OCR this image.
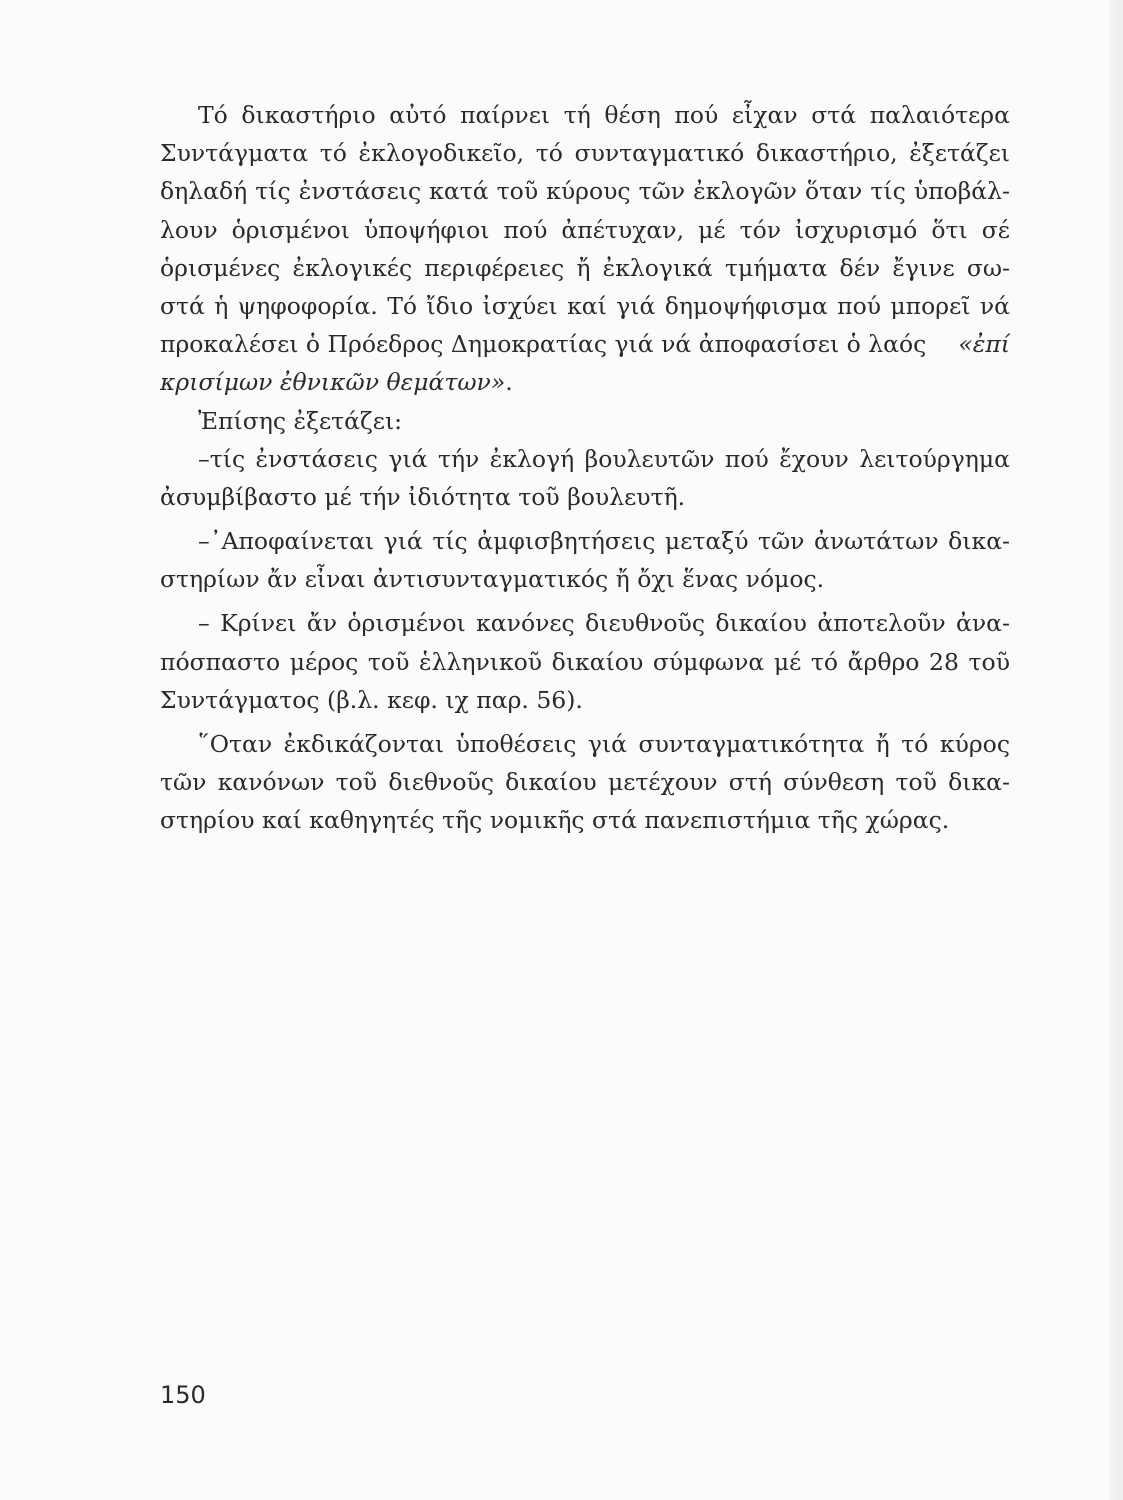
Τό δικαστήριο αὐτό παίρνει τή θέση πού εἶχαν στά παλαιότερα
Συντάγματα τό ἐκλογοδικεῖο, τό συνταγματικό δικαστήριο, ἐξετάζει
δηλαδή τίς ἐνστάσεις κατά τοῦ κύρους τῶν ἐκλογῶν ὅταν τίς ὑποβάλ-
λουν ὁρισμένοι ὑποψήφιοι πού ἀπέτυχαν, μέ τόν ἰσχυρισμό ὅτι σέ
ὁρισμένες ἐκλογικές περιφέρειες ἤ ἐκλογικά τμήματα δέν ἔγινε σω-
στά ἡ ψηφοφορία. Τό ἴδιο ἰσχύει καί γιά δημοψήφισμα πού μπορεῖ νά
προκαλέσει ὁ Πρόεδρος Δημοκρατίας γιά νά ἀποφασίσει ὁ λαός «ἐπί
κρισίμων ἐθνικῶν θεμάτων».
Ἐπίσης ἐξετάζει:
–τίς ἐνστάσεις γιά τήν ἐκλογή βουλευτῶν πού ἔχουν λειτούργημα
ἀσυμβίβαστο μέ τήν ἰδιότητα τοῦ βουλευτῆ.
–᾿Αποφαίνεται γιά τίς ἀμφισβητήσεις μεταξύ τῶν ἀνωτάτων δικα-
στηρίων ἄν εἶναι ἀντισυνταγματικός ἤ ὄχι ἕνας νόμος.
– Κρίνει ἄν ὁρισμένοι κανόνες διευθνοῦς δικαίου ἀποτελοῦν ἀνα-
πόσπαστο μέρος τοῦ ἑλληνικοῦ δικαίου σύμφωνα μέ τό ἄρθρο 28 τοῦ
Συντάγματος (β.λ. κεφ. ιχ παρ. 56).
῞Οταν ἐκδικάζονται ὑποθέσεις γιά συνταγματικότητα ἤ τό κύρος
τῶν κανόνων τοῦ διεθνοῦς δικαίου μετέχουν στή σύνθεση τοῦ δικα-
στηρίου καί καθηγητές τῆς νομικῆς στά πανεπιστήμια τῆς χώρας.
150
